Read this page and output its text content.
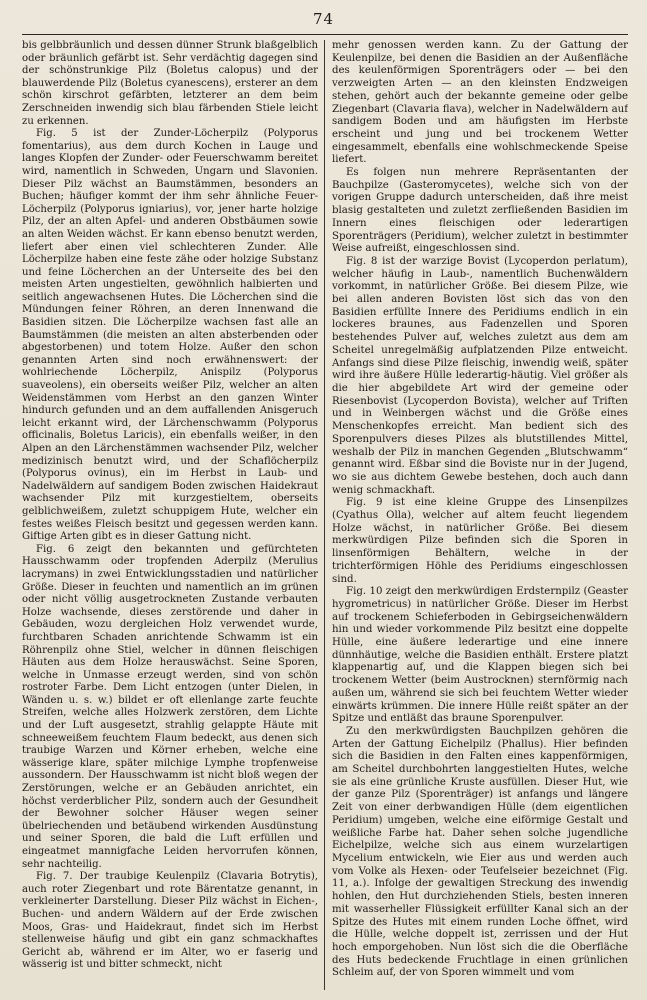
74

bis gelbbräunlich und dessen dünner Strunk blaßgelblich oder bräunlich gefärbt ist. Sehr verdächtig dagegen sind der schönstrunkige Pilz (Boletus calopus) und der blauwerdende Pilz (Boletus cyanescens), ersterer an dem schön kirschrot gefärbten, letzterer an dem beim Zerschneiden inwendig sich blau färbenden Stiele leicht zu erkennen.

Fig. 5 ist der Zunder-Löcherpilz (Polyporus fomentarius), aus dem durch Kochen in Lauge und langes Klopfen der Zunder- oder Feuerschwamm bereitet wird, namentlich in Schweden, Ungarn und Slavonien. Dieser Pilz wächst an Baumstämmen, besonders an Buchen; häufiger kommt der ihm sehr ähnliche Feuer-Löcherpilz (Polyporus igniarius), vor, jener harte holzige Pilz, der an alten Apfel- und anderen Obstbäumen sowie an alten Weiden wächst. Er kann ebenso benutzt werden, liefert aber einen viel schlechteren Zunder. Alle Löcherpilze haben eine feste zähe oder holzige Substanz und feine Löcherchen an der Unterseite des bei den meisten Arten ungestielten, gewöhnlich halbierten und seitlich angewachsenen Hutes. Die Löcherchen sind die Mündungen feiner Röhren, an deren Innenwand die Basidien sitzen. Die Löcherpilze wachsen fast alle an Baumstämmen (die meisten an alten absterbenden oder abgestorbenen) und totem Holze. Außer den schon genannten Arten sind noch erwähnenswert: der wohlriechende Löcherpilz, Anispilz (Polyporus suaveolens), ein oberseits weißer Pilz, welcher an alten Weidenstämmen vom Herbst an den ganzen Winter hindurch gefunden und an dem auffallenden Anisgeruch leicht erkannt wird, der Lärchenschwamm (Polyporus officinalis, Boletus Laricis), ein ebenfalls weißer, in den Alpen an den Lärchenstämmen wachsender Pilz, welcher medizinisch benutzt wird, und der Schaflöcherpilz (Polyporus ovinus), ein im Herbst in Laub- und Nadelwäldern auf sandigem Boden zwischen Haidekraut wachsender Pilz mit kurzgestieltem, oberseits gelblichweißem, zuletzt schuppigem Hute, welcher ein festes weißes Fleisch besitzt und gegessen werden kann. Giftige Arten gibt es in dieser Gattung nicht.

Fig. 6 zeigt den bekannten und gefürchteten Hausschwamm oder tropfenden Aderpilz (Merulius lacrymans) in zwei Entwicklungsstadien und natürlicher Größe. Dieser in feuchten und namentlich an im grünen oder nicht völlig ausgetrockneten Zustande verbauten Holze wachsende, dieses zerstörende und daher in Gebäuden, wozu dergleichen Holz verwendet wurde, furchtbaren Schaden anrichtende Schwamm ist ein Röhrenpilz ohne Stiel, welcher in dünnen fleischigen Häuten aus dem Holze herauswächst. Seine Sporen, welche in Unmasse erzeugt werden, sind von schön rostroter Farbe. Dem Licht entzogen (unter Dielen, in Wänden u. s. w.) bildet er oft ellenlange zarte feuchte Streifen, welche alles Holzwerk zerstören, dem Lichte und der Luft ausgesetzt, strahlig gelappte Häute mit schneeweißem feuchtem Flaum bedeckt, aus denen sich traubige Warzen und Körner erheben, welche eine wässerige klare, später milchige Lymphe tropfenweise aussondern. Der Hausschwamm ist nicht bloß wegen der Zerstörungen, welche er an Gebäuden anrichtet, ein höchst verderblicher Pilz, sondern auch der Gesundheit der Bewohner solcher Häuser wegen seiner übelriechenden und betäubend wirkenden Ausdünstung und seiner Sporen, die bald die Luft erfüllen und eingeatmet mannigfache Leiden hervorrufen können, sehr nachteilig.

Fig. 7. Der traubige Keulenpilz (Clavaria Botrytis), auch roter Ziegenbart und rote Bärentatze genannt, in verkleinerter Darstellung. Dieser Pilz wächst in Eichen-, Buchen- und andern Wäldern auf der Erde zwischen Moos, Gras- und Haidekraut, findet sich im Herbst stellenweise häufig und gibt ein ganz schmackhaftes Gericht ab, während er im Alter, wo er faserig und wässerig ist und bitter schmeckt, nicht

mehr genossen werden kann. Zu der Gattung der Keulenpilze, bei denen die Basidien an der Außenfläche des keulenförmigen Sporenträgers oder — bei den verzweigten Arten — an den kleinsten Endzweigen stehen, gehört auch der bekannte gemeine oder gelbe Ziegenbart (Clavaria flava), welcher in Nadelwäldern auf sandigem Boden und am häufigsten im Herbste erscheint und jung und bei trockenem Wetter eingesammelt, ebenfalls eine wohlschmeckende Speise liefert.

Es folgen nun mehrere Repräsentanten der Bauchpilze (Gasteromycetes), welche sich von der vorigen Gruppe dadurch unterscheiden, daß ihre meist blasig gestalteten und zuletzt zerfließenden Basidien im Innern eines fleischigen oder lederartigen Sporenträgers (Peridium), welcher zuletzt in bestimmter Weise aufreißt, eingeschlossen sind.

Fig. 8 ist der warzige Bovist (Lycoperdon perlatum), welcher häufig in Laub-, namentlich Buchenwäldern vorkommt, in natürlicher Größe. Bei diesem Pilze, wie bei allen anderen Bovisten löst sich das von den Basidien erfüllte Innere des Peridiums endlich in ein lockeres braunes, aus Fadenzellen und Sporen bestehendes Pulver auf, welches zuletzt aus dem am Scheitel unregelmäßig aufplatzenden Pilze entweicht. Anfangs sind diese Pilze fleischig, inwendig weiß, später wird ihre äußere Hülle lederartig-häutig. Viel größer als die hier abgebildete Art wird der gemeine oder Riesenbovist (Lycoperdon Bovista), welcher auf Triften und in Weinbergen wächst und die Größe eines Menschenkopfes erreicht. Man bedient sich des Sporenpulvers dieses Pilzes als blutstillendes Mittel, weshalb der Pilz in manchen Gegenden „Blutschwamm“ genannt wird. Eßbar sind die Boviste nur in der Jugend, wo sie aus dichtem Gewebe bestehen, doch auch dann wenig schmackhaft.

Fig. 9 ist eine kleine Gruppe des Linsenpilzes (Cyathus Olla), welcher auf altem feucht liegendem Holze wächst, in natürlicher Größe. Bei diesem merkwürdigen Pilze befinden sich die Sporen in linsenförmigen Behältern, welche in der trichterförmigen Höhle des Peridiums eingeschlossen sind.

Fig. 10 zeigt den merkwürdigen Erdsternpilz (Geaster hygrometricus) in natürlicher Größe. Dieser im Herbst auf trockenem Schieferboden in Gebirgseichenwäldern hin und wieder vorkommende Pilz besitzt eine doppelte Hülle, eine äußere lederartige und eine innere dünnhäutige, welche die Basidien enthält. Erstere platzt klappenartig auf, und die Klappen biegen sich bei trockenem Wetter (beim Austrocknen) sternförmig nach außen um, während sie sich bei feuchtem Wetter wieder einwärts krümmen. Die innere Hülle reißt später an der Spitze und entläßt das braune Sporenpulver.

Zu den merkwürdigsten Bauchpilzen gehören die Arten der Gattung Eichelpilz (Phallus). Hier befinden sich die Basidien in den Falten eines kappenförmigen, am Scheitel durchbohrten langgestielten Hutes, welche sie als eine grünliche Kruste ausfüllen. Dieser Hut, wie der ganze Pilz (Sporenträger) ist anfangs und längere Zeit von einer derbwandigen Hülle (dem eigentlichen Peridium) umgeben, welche eine eiförmige Gestalt und weißliche Farbe hat. Daher sehen solche jugendliche Eichelpilze, welche sich aus einem wurzelartigen Mycelium entwickeln, wie Eier aus und werden auch vom Volke als Hexen- oder Teufelseier bezeichnet (Fig. 11, a.). Infolge der gewaltigen Streckung des inwendig hohlen, den Hut durchziehenden Stiels, besten inneren mit wasserheller Flüssigkeit erfüllter Kanal sich an der Spitze des Hutes mit einem runden Loche öffnet, wird die Hülle, welche doppelt ist, zerrissen und der Hut hoch emporgehoben. Nun löst sich die die Oberfläche des Huts bedeckende Fruchtlage in einen grünlichen Schleim auf, der von Sporen wimmelt und vom
